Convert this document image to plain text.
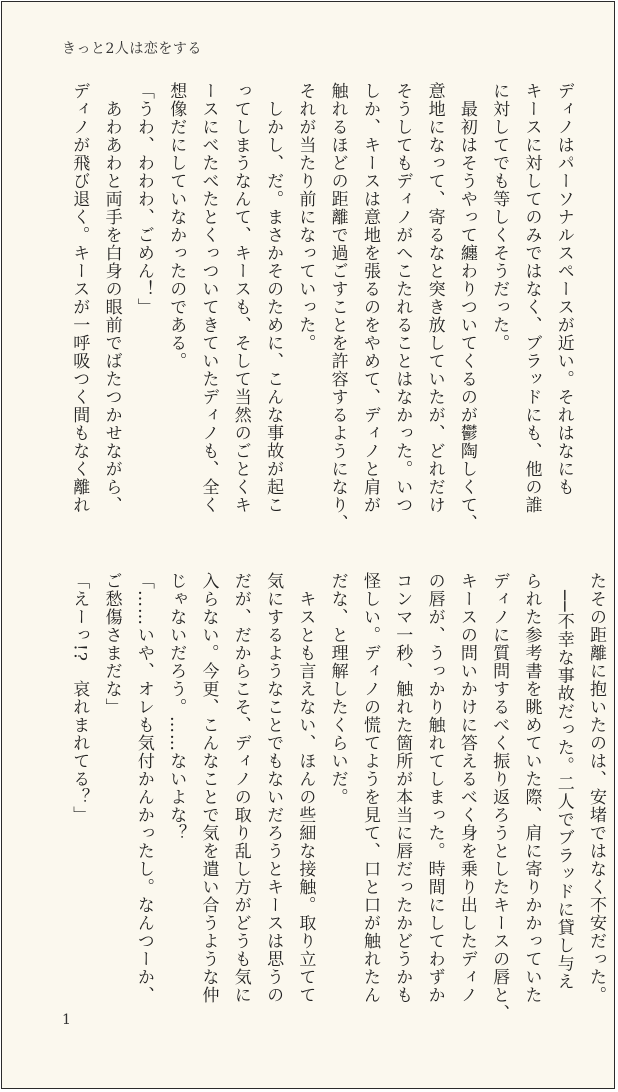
きっと2人は恋をする
ディノはパーソナルスペースが近い。それはなにも
キースに対してのみではなく、ブラッドにも、他の誰
に対してでも等しくそうだった。
　最初はそうやって纏わりついてくるのが鬱陶しくて、
意地になって、寄るなと突き放していたが、どれだけ
そうしてもディノがへこたれることはなかった。いつ
しか、キースは意地を張るのをやめて、ディノと肩が
触れるほどの距離で過ごすことを許容するようになり、
それが当たり前になっていった。
　しかし、だ。まさかそのために、こんな事故が起こ
ってしまうなんて、キースも、そして当然のごとくキ
ースにべたべたとくっついてきていたディノも、全く
想像だにしていなかったのである。
「うわ、わわわ、ごめん！」
　あわあわと両手を白身の眼前でばたつかせながら、
ディノが飛び退く。キースが一呼吸つく間もなく離れ
たその距離に抱いたのは、安堵ではなく不安だった。
　──不幸な事故だった。二人でブラッドに貸し与え
られた参考書を眺めていた際、肩に寄りかかっていた
ディノに質問するべく振り返ろうとしたキースの唇と、
キースの問いかけに答えるべく身を乗り出したディノ
の唇が、うっかり触れてしまった。時間にしてわずか
コンマ一秒、触れた箇所が本当に唇だったかどうかも
怪しい。ディノの慌てようを見て、口と口が触れたん
だな、と理解したくらいだ。
　キスとも言えない、ほんの些細な接触。取り立てて
気にするようなことでもないだろうとキースは思うの
だが、だからこそ、ディノの取り乱し方がどうも気に
入らない。今更、こんなことで気を遣い合うような仲
じゃないだろう。……ないよな？
「……いや、オレも気付かんかったし。なんつーか、
ご愁傷さまだな」
「えーっ!?　哀れまれてる？」
1
